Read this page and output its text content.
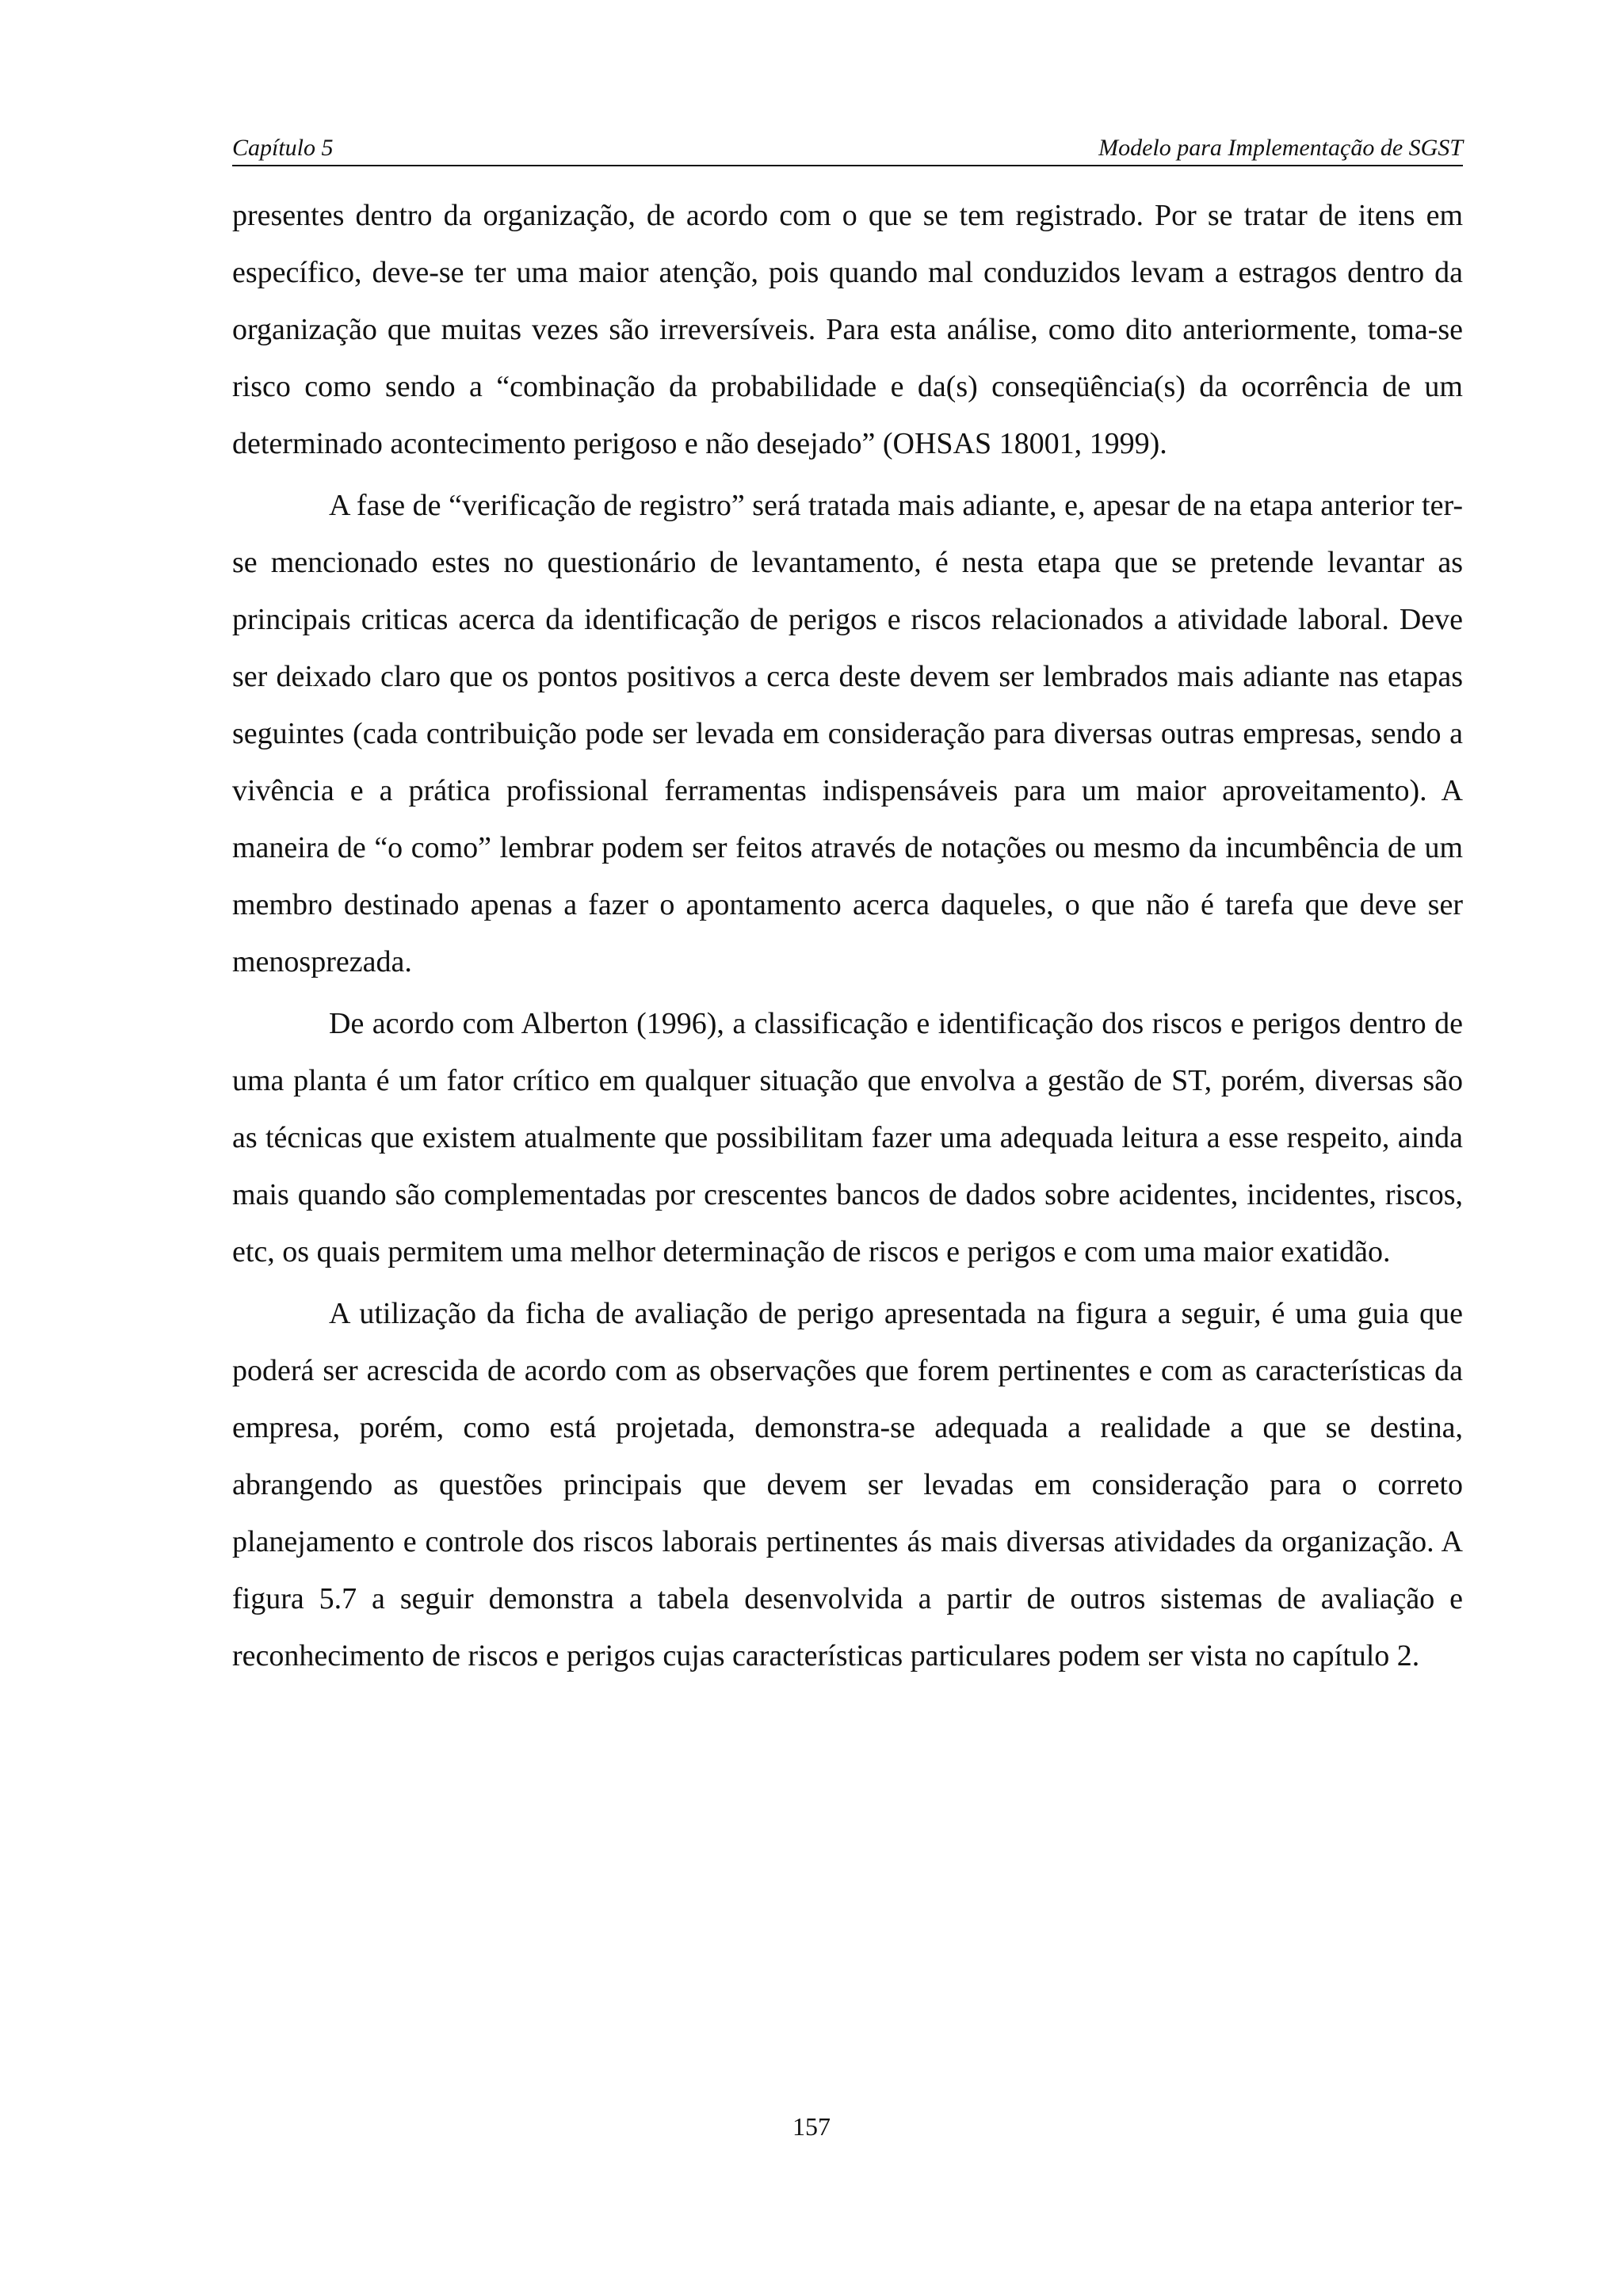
Capítulo 5	Modelo para Implementação de SGST

presentes dentro da organização, de acordo com o que se tem registrado. Por se tratar de itens em específico, deve-se ter uma maior atenção, pois quando mal conduzidos levam a estragos dentro da organização que muitas vezes são irreversíveis. Para esta análise, como dito anteriormente, toma-se risco como sendo a “combinação da probabilidade e da(s) conseqüência(s) da ocorrência de um determinado acontecimento perigoso e não desejado” (OHSAS 18001, 1999).

A fase de “verificação de registro” será tratada mais adiante, e, apesar de na etapa anterior ter-se mencionado estes no questionário de levantamento, é nesta etapa que se pretende levantar as principais criticas acerca da identificação de perigos e riscos relacionados a atividade laboral. Deve ser deixado claro que os pontos positivos a cerca deste devem ser lembrados mais adiante nas etapas seguintes (cada contribuição pode ser levada em consideração para diversas outras empresas, sendo a vivência e a prática profissional ferramentas indispensáveis para um maior aproveitamento). A maneira de “o como” lembrar podem ser feitos através de notações ou mesmo da incumbência de um membro destinado apenas a fazer o apontamento acerca daqueles, o que não é tarefa que deve ser menosprezada.

De acordo com Alberton (1996), a classificação e identificação dos riscos e perigos dentro de uma planta é um fator crítico em qualquer situação que envolva a gestão de ST, porém, diversas são as técnicas que existem atualmente que possibilitam fazer uma adequada leitura a esse respeito, ainda mais quando são complementadas por crescentes bancos de dados sobre acidentes, incidentes, riscos, etc, os quais permitem uma melhor determinação de riscos e perigos e com uma maior exatidão.

A utilização da ficha de avaliação de perigo apresentada na figura a seguir, é uma guia que poderá ser acrescida de acordo com as observações que forem pertinentes e com as características da empresa, porém, como está projetada, demonstra-se adequada a realidade a que se destina, abrangendo as questões principais que devem ser levadas em consideração para o correto planejamento e controle dos riscos laborais pertinentes ás mais diversas atividades da organização. A figura 5.7 a seguir demonstra a tabela desenvolvida a partir de outros sistemas de avaliação e reconhecimento de riscos e perigos cujas características particulares podem ser vista no capítulo 2.

157
